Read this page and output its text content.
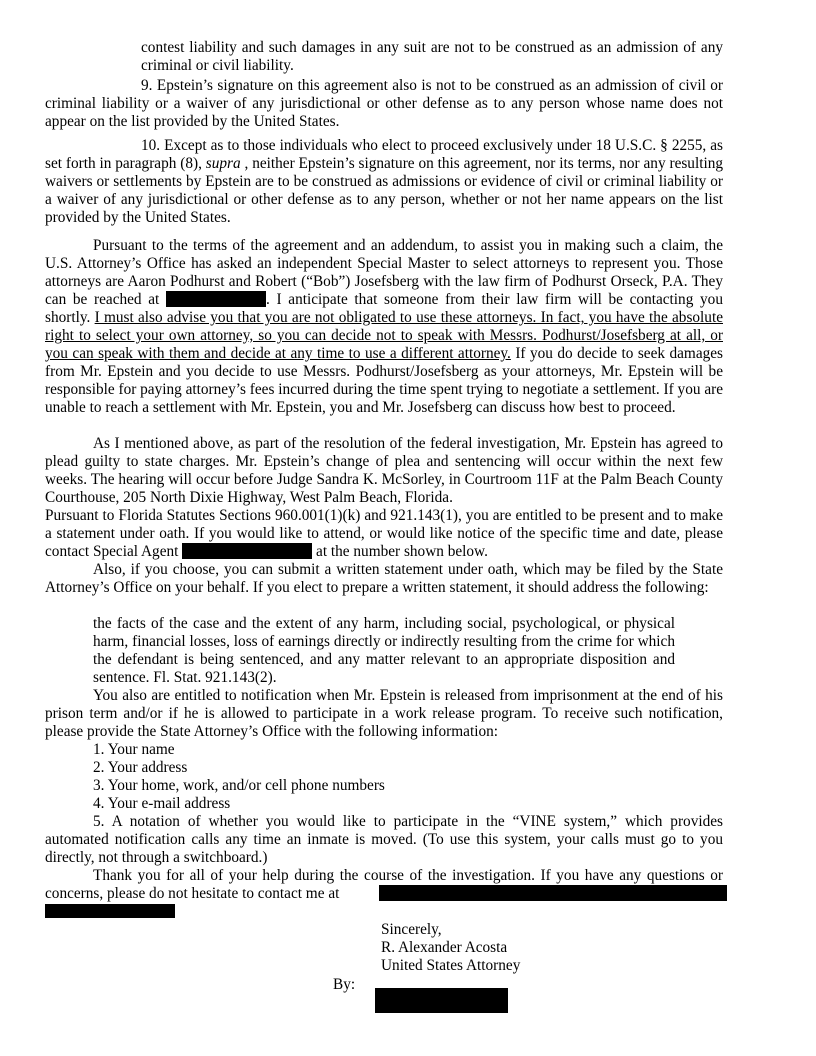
contest liability and such damages in any suit are not to be construed as an admission of any criminal or civil liability.

9. Epstein’s signature on this agreement also is not to be construed as an admission of civil or criminal liability or a waiver of any jurisdictional or other defense as to any person whose name does not appear on the list provided by the United States.

10. Except as to those individuals who elect to proceed exclusively under 18 U.S.C. § 2255, as set forth in paragraph (8), supra , neither Epstein’s signature on this agreement, nor its terms, nor any resulting waivers or settlements by Epstein are to be construed as admissions or evidence of civil or criminal liability or a waiver of any jurisdictional or other defense as to any person, whether or not her name appears on the list provided by the United States.

Pursuant to the terms of the agreement and an addendum, to assist you in making such a claim, the U.S. Attorney’s Office has asked an independent Special Master to select attorneys to represent you. Those attorneys are Aaron Podhurst and Robert (“Bob”) Josefsberg with the law firm of Podhurst Orseck, P.A. They can be reached at	. I anticipate that someone from their law firm will be contacting you shortly. I must also advise you that you are not obligated to use these attorneys. In fact, you have the absolute right to select your own attorney, so you can decide not to speak with Messrs. Podhurst/Josefsberg at all, or you can speak with them and decide at any time to use a different attorney. If you do decide to seek damages from Mr. Epstein and you decide to use Messrs. Podhurst/Josefsberg as your attorneys, Mr. Epstein will be responsible for paying attorney’s fees incurred during the time spent trying to negotiate a settlement. If you are unable to reach a settlement with Mr. Epstein, you and Mr. Josefsberg can discuss how best to proceed.

As I mentioned above, as part of the resolution of the federal investigation, Mr. Epstein has agreed to plead guilty to state charges. Mr. Epstein’s change of plea and sentencing will occur within the next few weeks. The hearing will occur before Judge Sandra K. McSorley, in Courtroom 11F at the Palm Beach County Courthouse, 205 North Dixie Highway, West Palm Beach, Florida.

Pursuant to Florida Statutes Sections 960.001(1)(k) and 921.143(1), you are entitled to be present and to make a statement under oath. If you would like to attend, or would like notice of the specific time and date, please contact Special Agent	at the number shown below.

Also, if you choose, you can submit a written statement under oath, which may be filed by the State Attorney’s Office on your behalf. If you elect to prepare a written statement, it should address the following:

the facts of the case and the extent of any harm, including social, psychological, or physical harm, financial losses, loss of earnings directly or indirectly resulting from the crime for which the defendant is being sentenced, and any matter relevant to an appropriate disposition and sentence. Fl. Stat. 921.143(2).

You also are entitled to notification when Mr. Epstein is released from imprisonment at the end of his prison term and/or if he is allowed to participate in a work release program. To receive such notification, please provide the State Attorney’s Office with the following information:

1. Your name
2. Your address
3. Your home, work, and/or cell phone numbers
4. Your e-mail address

5. A notation of whether you would like to participate in the “VINE system,” which provides automated notification calls any time an inmate is moved. (To use this system, your calls must go to you directly, not through a switchboard.)

Thank you for all of your help during the course of the investigation. If you have any questions or concerns, please do not hesitate to contact me at

Sincerely,
R. Alexander Acosta
United States Attorney
By:
